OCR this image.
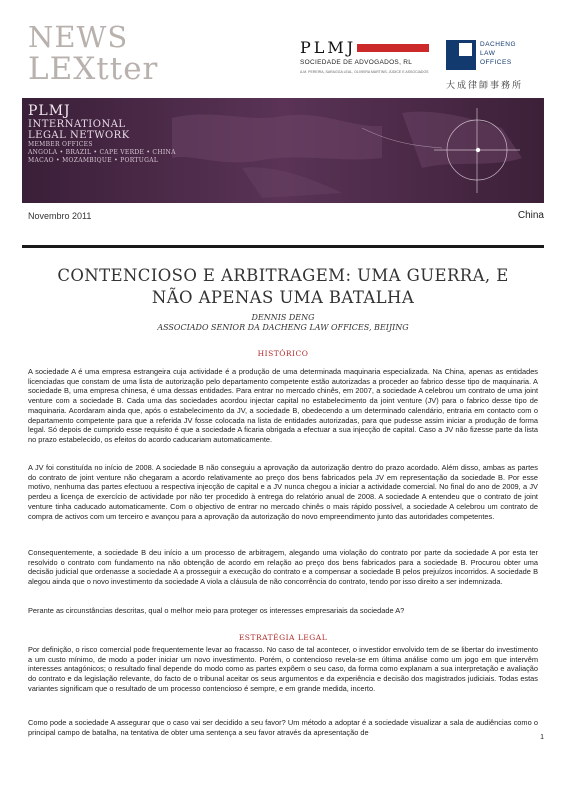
NEWS
LEXtter
PLMJ
SOCIEDADE DE ADVOGADOS, RL
A.M. PEREIRA, SARAGGA LEAL, OLIVEIRA MARTINS, JÚDICE E ASSOCIADOS
DACHENG
LAW
OFFICES
大成律師事務所
PLMJ
INTERNATIONAL
LEGAL NETWORK
MEMBER OFFICES
ANGOLA • BRAZIL • CAPE VERDE • CHINA
MACAO • MOZAMBIQUE • PORTUGAL
Novembro 2011	China
CONTENCIOSO E ARBITRAGEM: UMA GUERRA, E
NÃO APENAS UMA BATALHA
DENNIS DENG
ASSOCIADO SENIOR DA DACHENG LAW OFFICES, BEIJING
HISTÓRICO

A sociedade A é uma empresa estrangeira cuja actividade é a produção de uma determinada maquinaria especializada. Na China, apenas as entidades licenciadas que constam de uma lista de autorização pelo departamento competente estão autorizadas a proceder ao fabrico desse tipo de maquinaria. A sociedade B, uma empresa chinesa, é uma dessas entidades. Para entrar no mercado chinês, em 2007, a sociedade A celebrou um contrato de uma joint venture com a sociedade B. Cada uma das sociedades acordou injectar capital no estabelecimento da joint venture (JV) para o fabrico desse tipo de maquinaria. Acordaram ainda que, após o estabelecimento da JV, a sociedade B, obedecendo a um determinado calendário, entraria em contacto com o departamento competente para que a referida JV fosse colocada na lista de entidades autorizadas, para que pudesse assim iniciar a produção de forma legal. Só depois de cumprido esse requisito é que a sociedade A ficaria obrigada a efectuar a sua injecção de capital. Caso a JV não fizesse parte da lista no prazo estabelecido, os efeitos do acordo caducariam automaticamente.

A JV foi constituída no início de 2008. A sociedade B não conseguiu a aprovação da autorização dentro do prazo acordado. Além disso, ambas as partes do contrato de joint venture não chegaram a acordo relativamente ao preço dos bens fabricados pela JV em representação da sociedade B. Por esse motivo, nenhuma das partes efectuou a respectiva injecção de capital e a JV nunca chegou a iniciar a actividade comercial. No final do ano de 2009, a JV perdeu a licença de exercício de actividade por não ter procedido à entrega do relatório anual de 2008. A sociedade A entendeu que o contrato de joint venture tinha caducado automaticamente. Com o objectivo de entrar no mercado chinês o mais rápido possível, a sociedade A celebrou um contrato de compra de activos com um terceiro e avançou para a aprovação da autorização do novo empreendimento junto das autoridades competentes.

Consequentemente, a sociedade B deu início a um processo de arbitragem, alegando uma violação do contrato por parte da sociedade A por esta ter resolvido o contrato com fundamento na não obtenção de acordo em relação ao preço dos bens fabricados para a sociedade B. Procurou obter uma decisão judicial que ordenasse a sociedade A a prosseguir a execução do contrato e a compensar a sociedade B pelos prejuízos incorridos. A sociedade B alegou ainda que o novo investimento da sociedade A viola a cláusula de não concorrência do contrato, tendo por isso direito a ser indemnizada.

Perante as circunstâncias descritas, qual o melhor meio para proteger os interesses empresariais da sociedade A?

ESTRATÉGIA LEGAL

Por definição, o risco comercial pode frequentemente levar ao fracasso. No caso de tal acontecer, o investidor envolvido tem de se libertar do investimento a um custo mínimo, de modo a poder iniciar um novo investimento. Porém, o contencioso revela-se em última análise como um jogo em que intervêm interesses antagónicos; o resultado final depende do modo como as partes expõem o seu caso, da forma como explanam a sua interpretação e avaliação do contrato e da legislação relevante, do facto de o tribunal aceitar os seus argumentos e da experiência e decisão dos magistrados judiciais. Todas estas variantes significam que o resultado de um processo contencioso é sempre, e em grande medida, incerto.

Como pode a sociedade A assegurar que o caso vai ser decidido a seu favor? Um método a adoptar é a sociedade visualizar a sala de audiências como o principal campo de batalha, na tentativa de obter uma sentença a seu favor através da apresentação de

1
